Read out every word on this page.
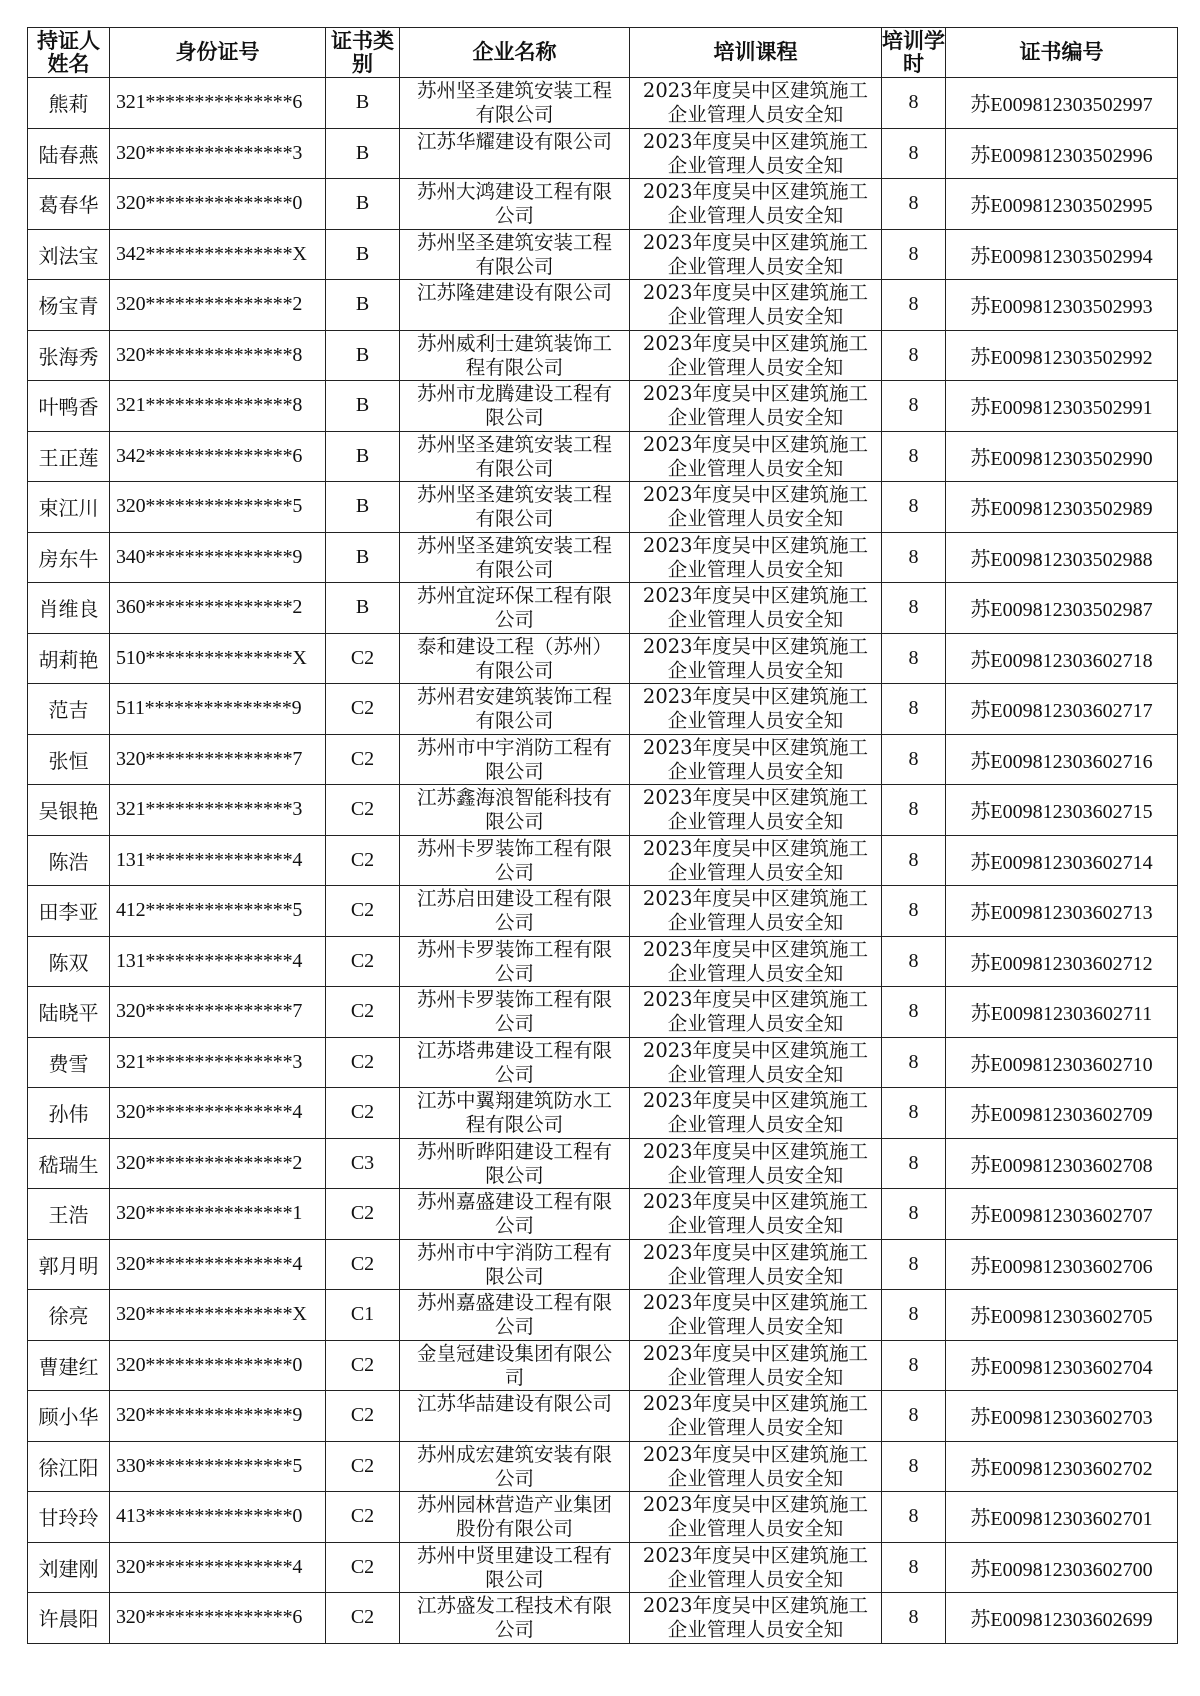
持证人姓名	身份证号	证书类别	企业名称	培训课程	培训学时	证书编号
熊莉	321***************6	B	苏州坚圣建筑安装工程有限公司	2023年度吴中区建筑施工企业管理人员安全知	8	苏E009812303502997
陆春燕	320***************3	B	江苏华耀建设有限公司	2023年度吴中区建筑施工企业管理人员安全知	8	苏E009812303502996
葛春华	320***************0	B	苏州大鸿建设工程有限公司	2023年度吴中区建筑施工企业管理人员安全知	8	苏E009812303502995
刘法宝	342***************X	B	苏州坚圣建筑安装工程有限公司	2023年度吴中区建筑施工企业管理人员安全知	8	苏E009812303502994
杨宝青	320***************2	B	江苏隆建建设有限公司	2023年度吴中区建筑施工企业管理人员安全知	8	苏E009812303502993
张海秀	320***************8	B	苏州威利士建筑装饰工程有限公司	2023年度吴中区建筑施工企业管理人员安全知	8	苏E009812303502992
叶鸭香	321***************8	B	苏州市龙腾建设工程有限公司	2023年度吴中区建筑施工企业管理人员安全知	8	苏E009812303502991
王正莲	342***************6	B	苏州坚圣建筑安装工程有限公司	2023年度吴中区建筑施工企业管理人员安全知	8	苏E009812303502990
束江川	320***************5	B	苏州坚圣建筑安装工程有限公司	2023年度吴中区建筑施工企业管理人员安全知	8	苏E009812303502989
房东牛	340***************9	B	苏州坚圣建筑安装工程有限公司	2023年度吴中区建筑施工企业管理人员安全知	8	苏E009812303502988
肖维良	360***************2	B	苏州宜淀环保工程有限公司	2023年度吴中区建筑施工企业管理人员安全知	8	苏E009812303502987
胡莉艳	510***************X	C2	泰和建设工程（苏州）有限公司	2023年度吴中区建筑施工企业管理人员安全知	8	苏E009812303602718
范吉	511***************9	C2	苏州君安建筑装饰工程有限公司	2023年度吴中区建筑施工企业管理人员安全知	8	苏E009812303602717
张恒	320***************7	C2	苏州市中宇消防工程有限公司	2023年度吴中区建筑施工企业管理人员安全知	8	苏E009812303602716
吴银艳	321***************3	C2	江苏鑫海浪智能科技有限公司	2023年度吴中区建筑施工企业管理人员安全知	8	苏E009812303602715
陈浩	131***************4	C2	苏州卡罗装饰工程有限公司	2023年度吴中区建筑施工企业管理人员安全知	8	苏E009812303602714
田李亚	412***************5	C2	江苏启田建设工程有限公司	2023年度吴中区建筑施工企业管理人员安全知	8	苏E009812303602713
陈双	131***************4	C2	苏州卡罗装饰工程有限公司	2023年度吴中区建筑施工企业管理人员安全知	8	苏E009812303602712
陆晓平	320***************7	C2	苏州卡罗装饰工程有限公司	2023年度吴中区建筑施工企业管理人员安全知	8	苏E009812303602711
费雪	321***************3	C2	江苏塔弗建设工程有限公司	2023年度吴中区建筑施工企业管理人员安全知	8	苏E009812303602710
孙伟	320***************4	C2	江苏中翼翔建筑防水工程有限公司	2023年度吴中区建筑施工企业管理人员安全知	8	苏E009812303602709
嵇瑞生	320***************2	C3	苏州昕晔阳建设工程有限公司	2023年度吴中区建筑施工企业管理人员安全知	8	苏E009812303602708
王浩	320***************1	C2	苏州嘉盛建设工程有限公司	2023年度吴中区建筑施工企业管理人员安全知	8	苏E009812303602707
郭月明	320***************4	C2	苏州市中宇消防工程有限公司	2023年度吴中区建筑施工企业管理人员安全知	8	苏E009812303602706
徐亮	320***************X	C1	苏州嘉盛建设工程有限公司	2023年度吴中区建筑施工企业管理人员安全知	8	苏E009812303602705
曹建红	320***************0	C2	金皇冠建设集团有限公司	2023年度吴中区建筑施工企业管理人员安全知	8	苏E009812303602704
顾小华	320***************9	C2	江苏华喆建设有限公司	2023年度吴中区建筑施工企业管理人员安全知	8	苏E009812303602703
徐江阳	330***************5	C2	苏州成宏建筑安装有限公司	2023年度吴中区建筑施工企业管理人员安全知	8	苏E009812303602702
甘玲玲	413***************0	C2	苏州园林营造产业集团股份有限公司	2023年度吴中区建筑施工企业管理人员安全知	8	苏E009812303602701
刘建刚	320***************4	C2	苏州中贤里建设工程有限公司	2023年度吴中区建筑施工企业管理人员安全知	8	苏E009812303602700
许晨阳	320***************6	C2	江苏盛发工程技术有限公司	2023年度吴中区建筑施工企业管理人员安全知	8	苏E009812303602699
